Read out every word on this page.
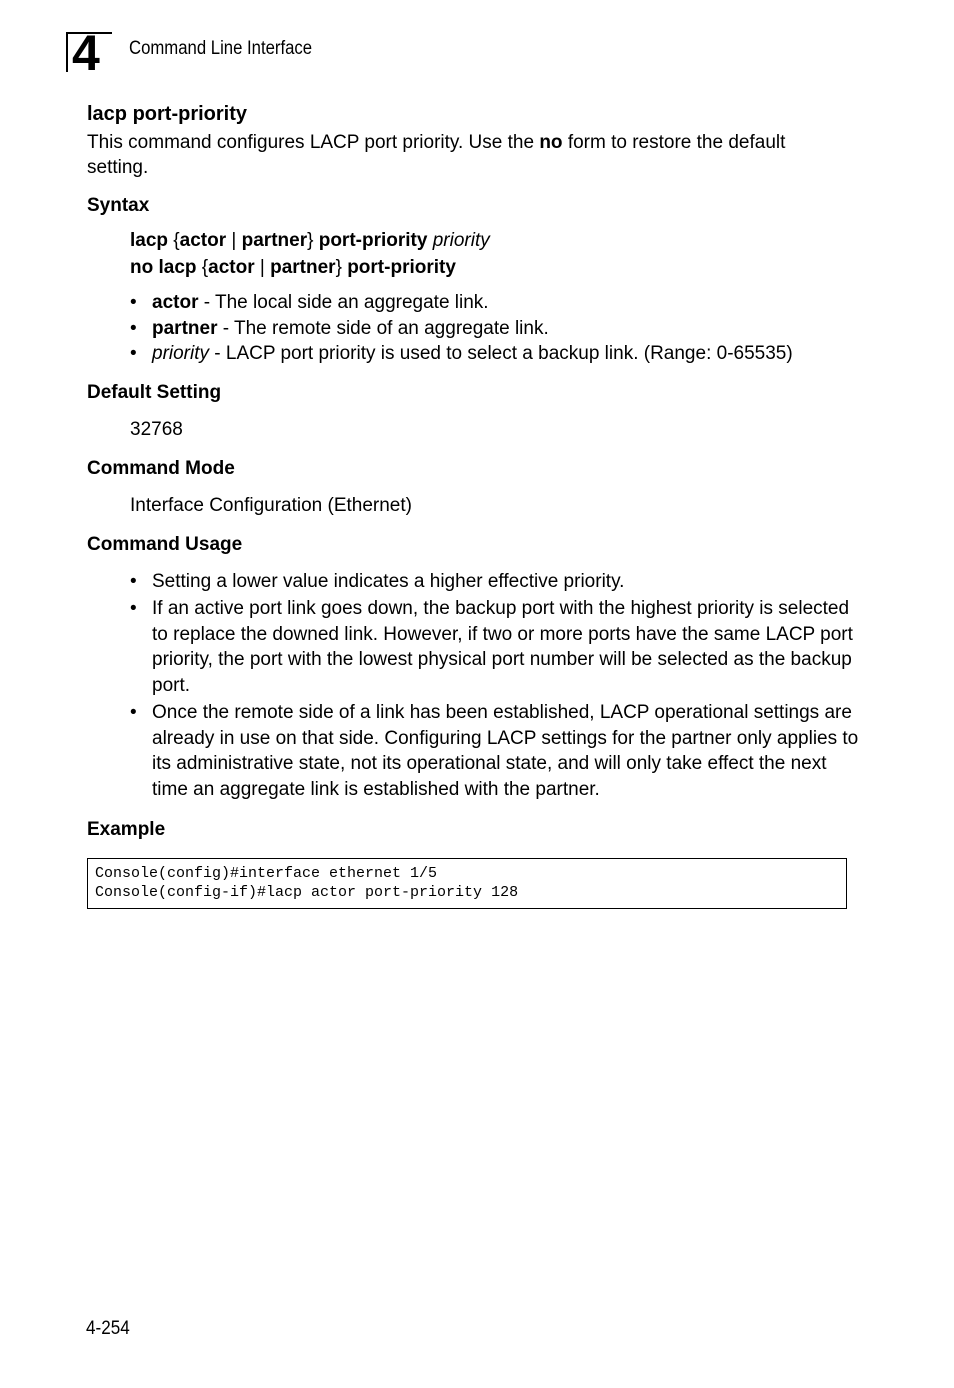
4 Command Line Interface
lacp port-priority

This command configures LACP port priority. Use the no form to restore the default setting.

Syntax
lacp {actor | partner} port-priority priority
no lacp {actor | partner} port-priority
• actor - The local side an aggregate link.
• partner - The remote side of an aggregate link.
• priority - LACP port priority is used to select a backup link. (Range: 0-65535)
Default Setting
32768
Command Mode
Interface Configuration (Ethernet)
Command Usage
• Setting a lower value indicates a higher effective priority.
• If an active port link goes down, the backup port with the highest priority is selected to replace the downed link. However, if two or more ports have the same LACP port priority, the port with the lowest physical port number will be selected as the backup port.
• Once the remote side of a link has been established, LACP operational settings are already in use on that side. Configuring LACP settings for the partner only applies to its administrative state, not its operational state, and will only take effect the next time an aggregate link is established with the partner.
Example
Console(config)#interface ethernet 1/5
Console(config-if)#lacp actor port-priority 128
4-254
